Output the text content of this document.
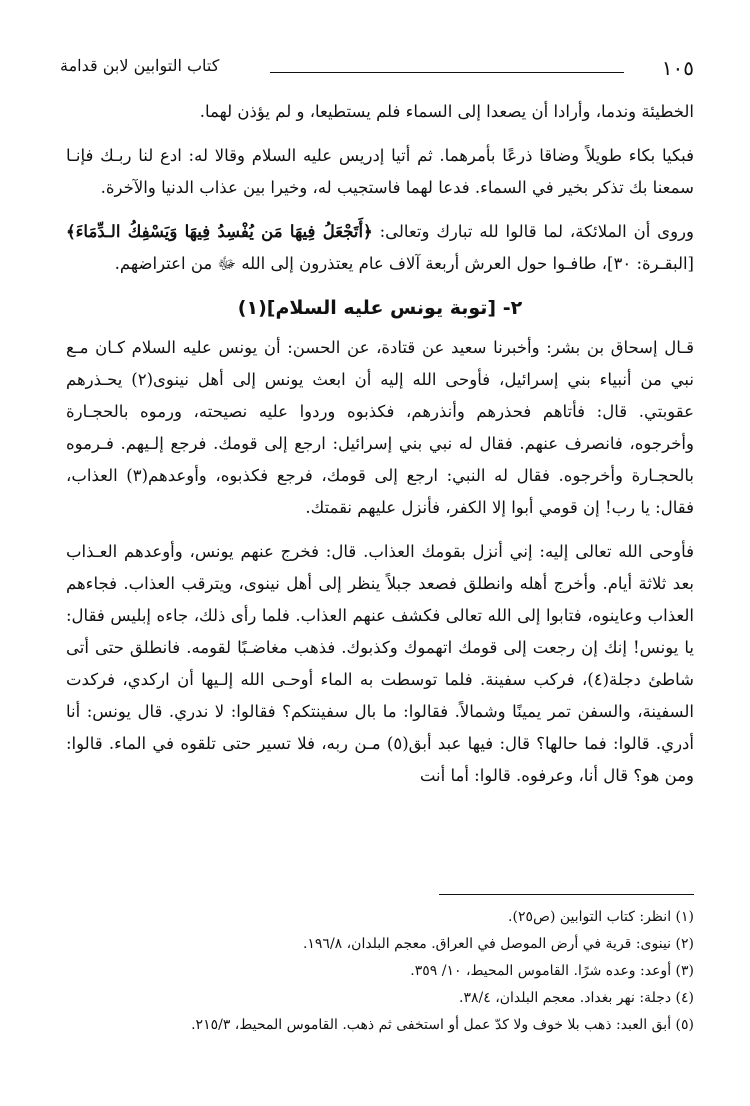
كتاب التوابين لابن قدامة	١٠٥

الخطيئة وندما، وأرادا أن يصعدا إلى السماء فلم يستطيعا، و لم يؤذن لهما.

فبكيا بكاء طويلاً وضاقا ذرعًا بأمرهما. ثم أتيا إدريس عليه السلام وقالا له: ادع لنا ربـك فإنـا سمعنا بك تذكر بخير في السماء. فدعا لهما فاستجيب له، وخيرا بين عذاب الدنيا والآخرة.

وروى أن الملائكة، لما قالوا لله تبارك وتعالى: ﴿أَتَجْعَلُ فِيهَا مَن يُفْسِدُ فِيهَا وَيَسْفِكُ الـدِّمَاءَ﴾ [البقـرة: ٣٠]، طافـوا حول العرش أربعة آلاف عام يعتذرون إلى الله ﷻ من اعتراضهم.

٢- [توبة يونس عليه السلام](١)

قـال إسحاق بن بشر: وأخبرنا سعيد عن قتادة، عن الحسن: أن يونس عليه السلام كـان مـع نبي من أنبياء بني إسرائيل، فأوحى الله إليه أن ابعث يونس إلى أهل نينوى(٢) يحـذرهم عقوبتي. قال: فأتاهم فحذرهم وأنذرهم، فكذبوه وردوا عليه نصيحته، ورموه بالحجـارة وأخرجوه، فانصرف عنهم. فقال له نبي بني إسرائيل: ارجع إلى قومك. فرجع إلـيهم. فـرموه بالحجـارة وأخرجوه. فقال له النبي: ارجع إلى قومك، فرجع فكذبوه، وأوعدهم(٣) العذاب، فقال: يا رب! إن قومي أبوا إلا الكفر، فأنزل عليهم نقمتك.

فأوحى الله تعالى إليه: إني أنزل بقومك العذاب. قال: فخرج عنهم يونس، وأوعدهم العـذاب بعد ثلاثة أيام. وأخرج أهله وانطلق فصعد جبلاً ينظر إلى أهل نينوى، ويترقب العذاب. فجاءهم العذاب وعاينوه، فتابوا إلى الله تعالى فكشف عنهم العذاب. فلما رأى ذلك، جاءه إبليس فقال: يا يونس! إنك إن رجعت إلى قومك اتهموك وكذبوك. فذهب مغاضـبًا لقومه. فانطلق حتى أتى شاطئ دجلة(٤)، فركب سفينة. فلما توسطت به الماء أوحـى الله إلـيها أن اركدي، فركدت السفينة، والسفن تمر يمينًا وشمالاً. فقالوا: ما بال سفينتكم؟ فقالوا: لا ندري. قال يونس: أنا أدري. قالوا: فما حالها؟ قال: فيها عبد أبق(٥) مـن ربه، فلا تسير حتى تلقوه في الماء. قالوا: ومن هو؟ قال أنا، وعرفوه. قالوا: أما أنت

(١) انظر: كتاب التوابين (ص٢٥).

(٢) نينوى: قرية في أرض الموصل في العراق. معجم البلدان، ١٩٦/٨.

(٣) أوعد: وعده شرًا. القاموس المحيط، ١٠/ ٣٥٩.

(٤) دجلة: نهر بغداد. معجم البلدان، ٣٨/٤.

(٥) أبق العبد: ذهب بلا خوف ولا كدّ عمل أو استخفى ثم ذهب. القاموس المحيط، ٢١٥/٣.
